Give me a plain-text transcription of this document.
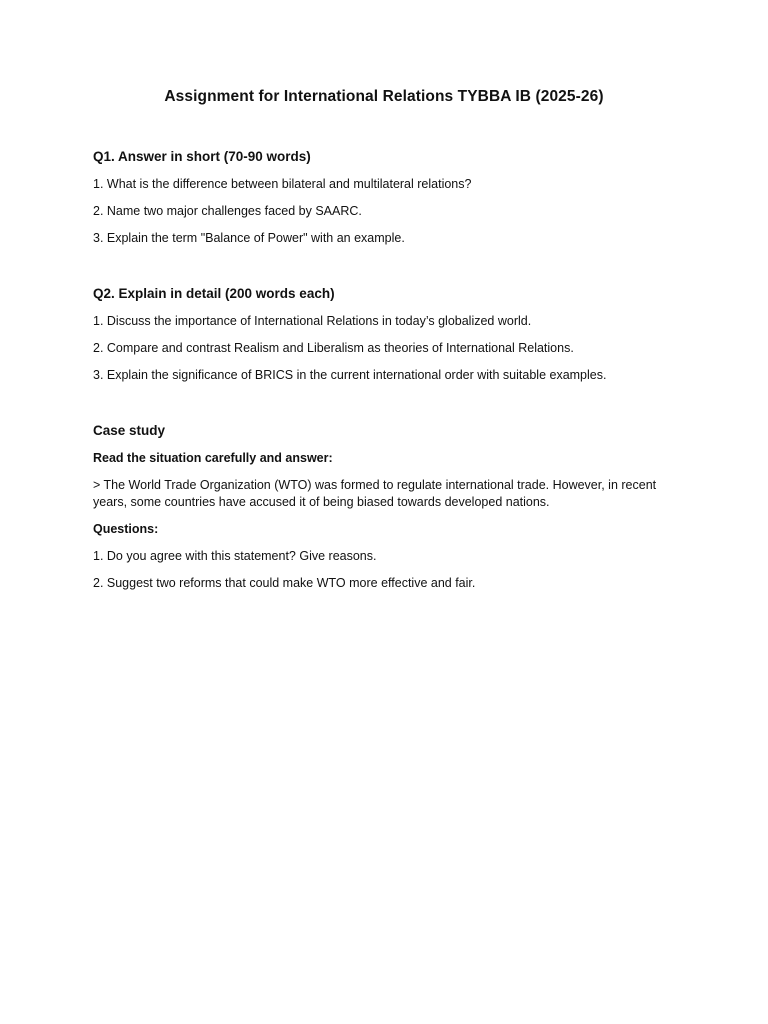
Assignment for International Relations TYBBA IB (2025-26)
Q1. Answer in short (70-90 words)
1. What is the difference between bilateral and multilateral relations?
2. Name two major challenges faced by SAARC.
3. Explain the term "Balance of Power" with an example.
Q2. Explain in detail (200 words each)
1. Discuss the importance of International Relations in today’s globalized world.
2. Compare and contrast Realism and Liberalism as theories of International Relations.
3. Explain the significance of BRICS in the current international order with suitable examples.
Case study
Read the situation carefully and answer:
> The World Trade Organization (WTO) was formed to regulate international trade. However, in recent years, some countries have accused it of being biased towards developed nations.
Questions:
1. Do you agree with this statement? Give reasons.
2. Suggest two reforms that could make WTO more effective and fair.
